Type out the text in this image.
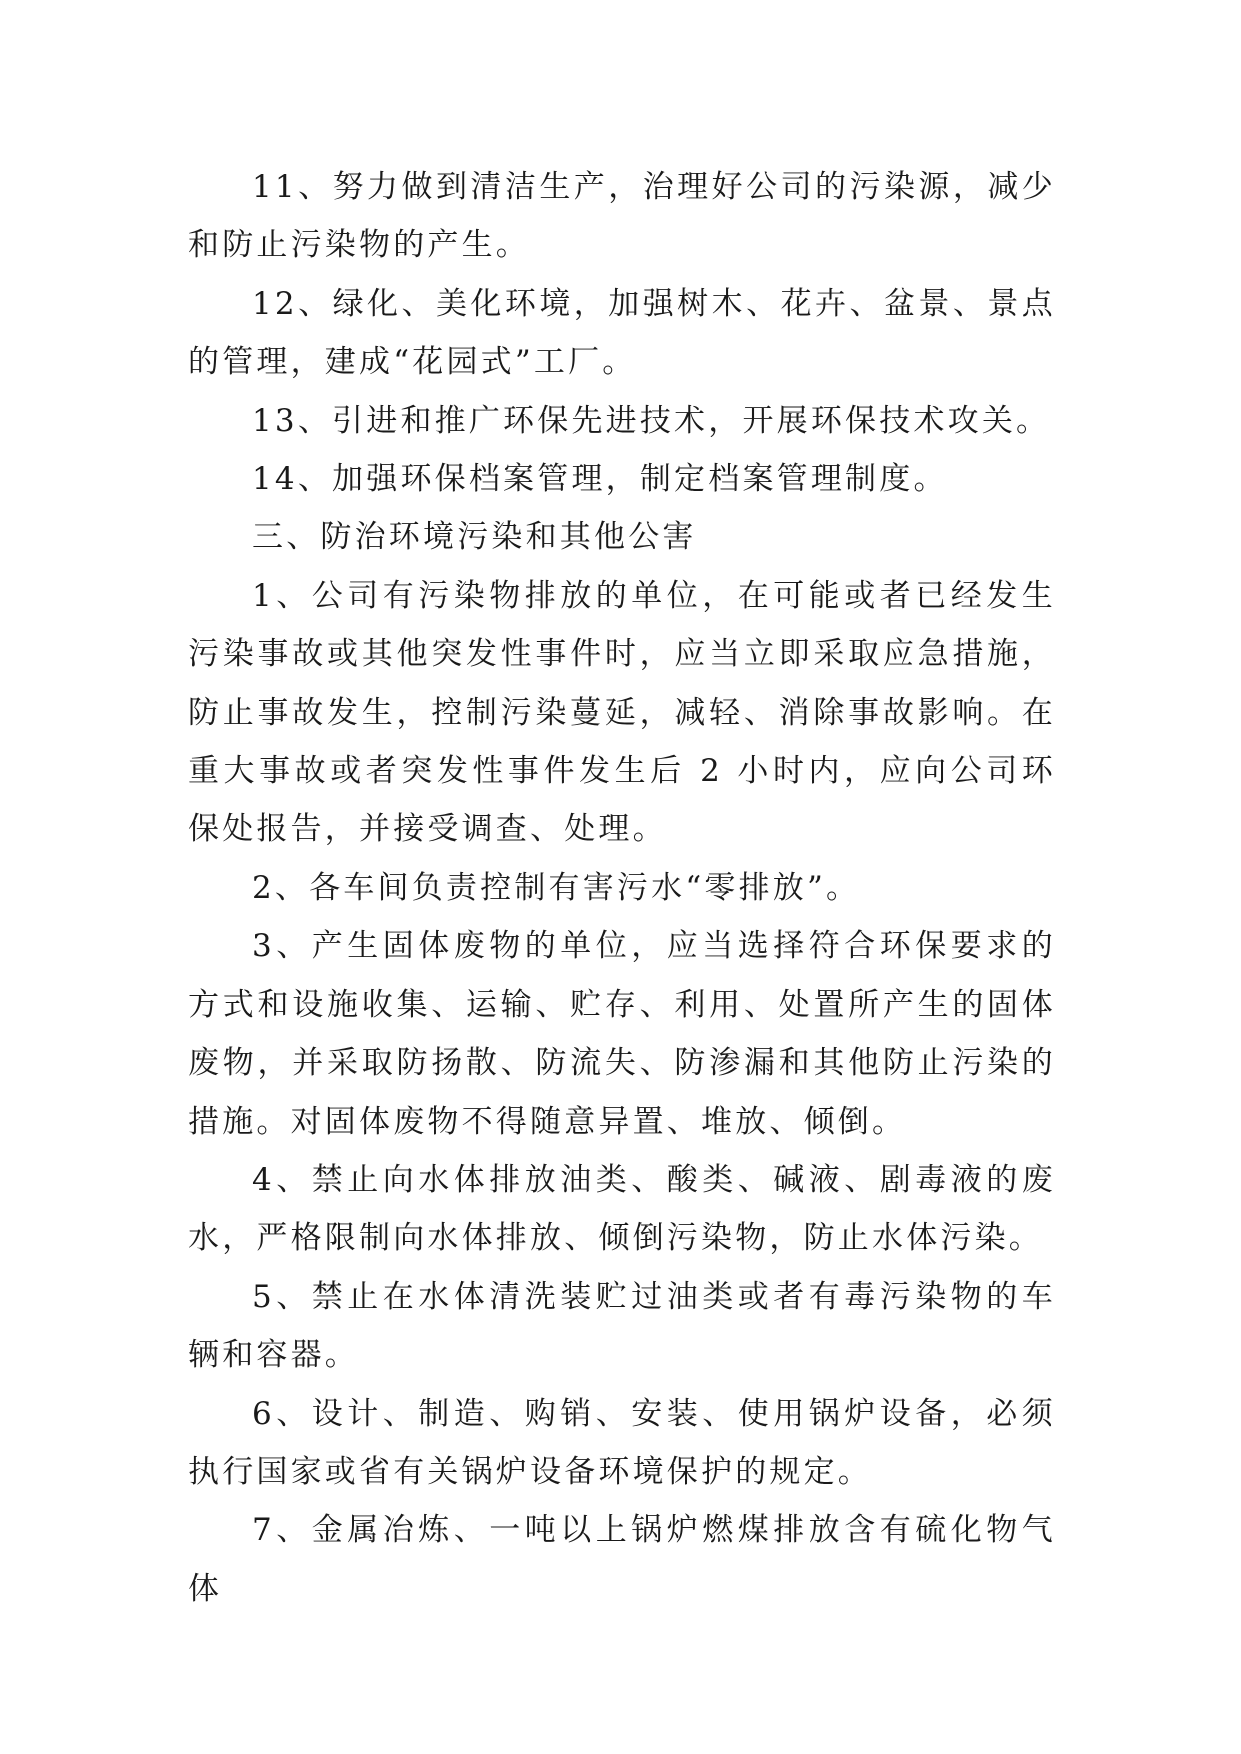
11、努力做到清洁生产，治理好公司的污染源，减少和防止污染物的产生。

12、绿化、美化环境，加强树木、花卉、盆景、景点的管理，建成“花园式”工厂。

13、引进和推广环保先进技术，开展环保技术攻关。

14、加强环保档案管理，制定档案管理制度。

三、防治环境污染和其他公害

1、公司有污染物排放的单位，在可能或者已经发生污染事故或其他突发性事件时，应当立即采取应急措施，防止事故发生，控制污染蔓延，减轻、消除事故影响。在重大事故或者突发性事件发生后 2 小时内，应向公司环保处报告，并接受调查、处理。

2、各车间负责控制有害污水“零排放”。

3、产生固体废物的单位，应当选择符合环保要求的方式和设施收集、运输、贮存、利用、处置所产生的固体废物，并采取防扬散、防流失、防渗漏和其他防止污染的措施。对固体废物不得随意异置、堆放、倾倒。

4、禁止向水体排放油类、酸类、碱液、剧毒液的废水，严格限制向水体排放、倾倒污染物，防止水体污染。

5、禁止在水体清洗装贮过油类或者有毒污染物的车辆和容器。

6、设计、制造、购销、安装、使用锅炉设备，必须执行国家或省有关锅炉设备环境保护的规定。

7、金属冶炼、一吨以上锅炉燃煤排放含有硫化物气体
